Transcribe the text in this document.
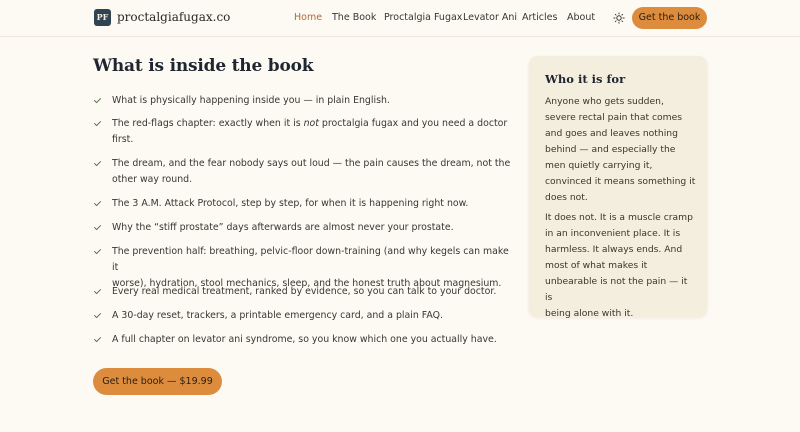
PF proctalgiafugax.co	Home The Book Proctalgia Fugax Levator Ani Articles About	Get the book
What is inside the book
What is physically happening inside you — in plain English.
The red-flags chapter: exactly when it is not proctalgia fugax and you need a doctor
first.
The dream, and the fear nobody says out loud — the pain causes the dream, not the
other way round.
The 3 A.M. Attack Protocol, step by step, for when it is happening right now.
Why the “stiff prostate” days afterwards are almost never your prostate.
The prevention half: breathing, pelvic-floor down-training (and why kegels can make it
worse), hydration, stool mechanics, sleep, and the honest truth about magnesium.
Every real medical treatment, ranked by evidence, so you can talk to your doctor.
A 30-day reset, trackers, a printable emergency card, and a plain FAQ.
A full chapter on levator ani syndrome, so you know which one you actually have.
Get the book — $19.99
Who it is for

Anyone who gets sudden,
severe rectal pain that comes
and goes and leaves nothing
behind — and especially the
men quietly carrying it,
convinced it means something it
does not.

It does not. It is a muscle cramp
in an inconvenient place. It is
harmless. It always ends. And
most of what makes it
unbearable is not the pain — it is
being alone with it.
